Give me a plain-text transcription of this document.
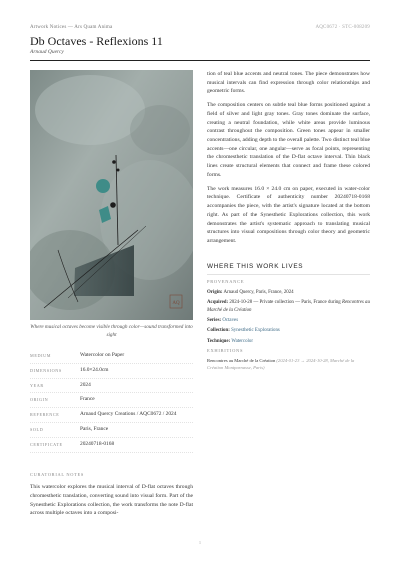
Artwork Notices — Ars Quam Anima	AQC0672 · STC-008209
Db Octaves - Reflexions 11
Arnaud Quercy
AQ
Where musical octaves become visible through color—sound transformed into sight
MEDIUM	Watercolor on Paper
DIMENSIONS	16.0×24.0cm
YEAR	2024
ORIGIN	France
REFERENCE	Arnaud Quercy Creations / AQC0672 / 2024
SOLD	Paris, France
CERTIFICATE	20240718-0168
CURATORIAL NOTES
This watercolor explores the musical interval of D-flat octaves through chromesthetic translation, converting sound into visual form. Part of the Synesthetic Explorations collection, the work transforms the note D-flat across multiple octaves into a composi-

tion of teal blue accents and neutral tones. The piece demonstrates how musical intervals can find expression through color relationships and geometric forms.

The composition centers on subtle teal blue forms positioned against a field of silver and light gray tones. Gray tones dominate the surface, creating a neutral foundation, while white areas provide luminous contrast throughout the composition. Green tones appear in smaller concentrations, adding depth to the overall palette. Two distinct teal blue accents—one circular, one angular—serve as focal points, representing the chromesthetic translation of the D-flat octave interval. Thin black lines create structural elements that connect and frame these colored forms.

The work measures 16.0 × 24.0 cm on paper, executed in water-color technique. Certificate of authenticity number 20240718-0168 accompanies the piece, with the artist's signature located at the bottom right. As part of the Synesthetic Explorations collection, this work demonstrates the artist's systematic approach to translating musical structures into visual compositions through color theory and geometric arrangement.

WHERE THIS WORK LIVES
PROVENANCE
Origin: Arnaud Quercy, Paris, France, 2024
Acquired: 2024-10-28 — Private collection — Paris, France during Rencontres au Marché de la Création
Series: Octaves
Collection: Synesthetic Explorations
Technique: Watercolor
EXHIBITIONS
Rencontres au Marché de la Création (2024-01-23 → 2024-10-28, Marché de la Création Montparnasse, Paris)
1
